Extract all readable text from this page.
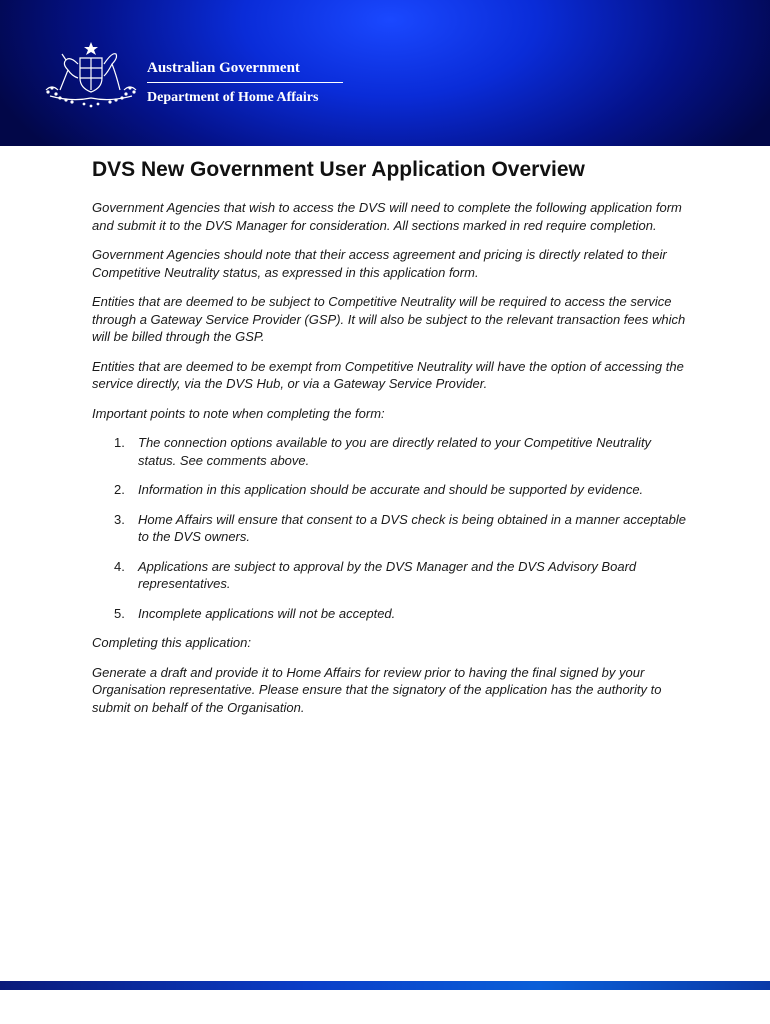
Australian Government
Department of Home Affairs
DVS New Government User Application Overview

Government Agencies that wish to access the DVS will need to complete the following application form and submit it to the DVS Manager for consideration. All sections marked in red require completion.

Government Agencies should note that their access agreement and pricing is directly related to their Competitive Neutrality status, as expressed in this application form.

Entities that are deemed to be subject to Competitive Neutrality will be required to access the service through a Gateway Service Provider (GSP). It will also be subject to the relevant transaction fees which will be billed through the GSP.

Entities that are deemed to be exempt from Competitive Neutrality will have the option of accessing the service directly, via the DVS Hub, or via a Gateway Service Provider.

Important points to note when completing the form:

1. The connection options available to you are directly related to your Competitive Neutrality status. See comments above.
2. Information in this application should be accurate and should be supported by evidence.
3. Home Affairs will ensure that consent to a DVS check is being obtained in a manner acceptable to the DVS owners.
4. Applications are subject to approval by the DVS Manager and the DVS Advisory Board representatives.
5. Incomplete applications will not be accepted.

Completing this application:

Generate a draft and provide it to Home Affairs for review prior to having the final signed by your Organisation representative. Please ensure that the signatory of the application has the authority to submit on behalf of the Organisation.
